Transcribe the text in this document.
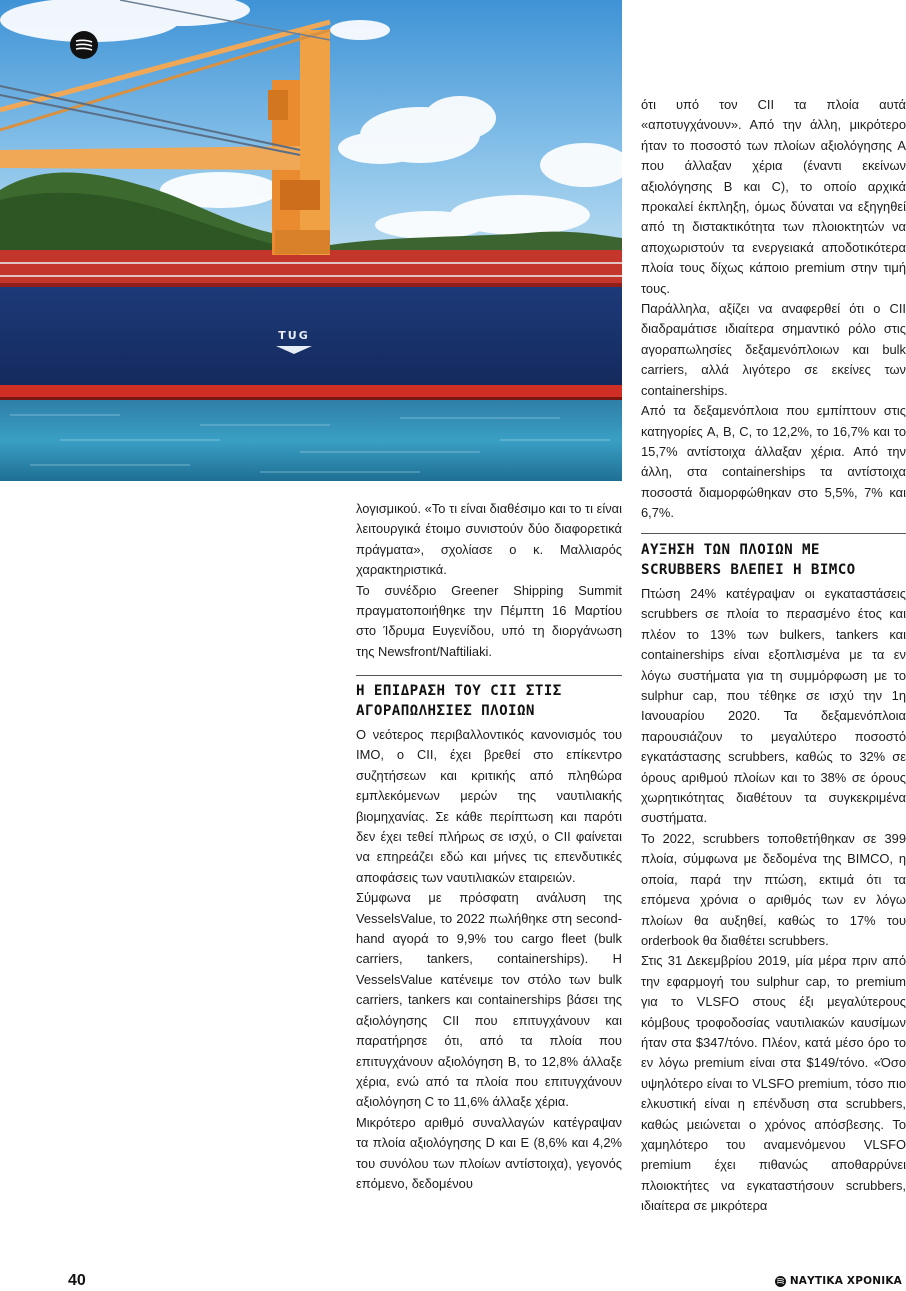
TUG

λογισμικού. «Το τι είναι διαθέσιμο και το τι είναι λειτουργικά έτοιμο συνιστούν δύο διαφορετικά πράγματα», σχολίασε ο κ. Μαλλιαρός χαρακτηριστικά.

Το συνέδριο Greener Shipping Summit πραγματοποιήθηκε την Πέμπτη 16 Μαρτίου στο Ίδρυμα Ευγενίδου, υπό τη διοργάνωση της Newsfront/Naftiliaki.

Η ΕΠΙΔΡΑΣΗ ΤΟΥ CII ΣΤΙΣ ΑΓΟΡΑΠΩΛΗΣΙΕΣ ΠΛΟΙΩΝ

Ο νεότερος περιβαλλοντικός κανονισμός του IMO, ο CII, έχει βρεθεί στο επίκεντρο συζητήσεων και κριτικής από πληθώρα εμπλεκόμενων μερών της ναυτιλιακής βιομηχανίας. Σε κάθε περίπτωση και παρότι δεν έχει τεθεί πλήρως σε ισχύ, ο CII φαίνεται να επηρεάζει εδώ και μήνες τις επενδυτικές αποφάσεις των ναυτιλιακών εταιρειών.

Σύμφωνα με πρόσφατη ανάλυση της VesselsValue, το 2022 πωλήθηκε στη second-hand αγορά το 9,9% του cargo fleet (bulk carriers, tankers, containerships). Η VesselsValue κατένειμε τον στόλο των bulk carriers, tankers και containerships βάσει της αξιολόγησης CII που επιτυγχάνουν και παρατήρησε ότι, από τα πλοία που επιτυγχάνουν αξιολόγηση B, το 12,8% άλλαξε χέρια, ενώ από τα πλοία που επιτυγχάνουν αξιολόγηση C το 11,6% άλλαξε χέρια.

Μικρότερο αριθμό συναλλαγών κατέγραψαν τα πλοία αξιολόγησης D και E (8,6% και 4,2% του συνόλου των πλοίων αντίστοιχα), γεγονός επόμενο, δεδομένου

ότι υπό τον CII τα πλοία αυτά «αποτυγχάνουν». Από την άλλη, μικρότερο ήταν το ποσοστό των πλοίων αξιολόγησης A που άλλαξαν χέρια (έναντι εκείνων αξιολόγησης B και C), το οποίο αρχικά προκαλεί έκπληξη, όμως δύναται να εξηγηθεί από τη διστακτικότητα των πλοιοκτητών να αποχωριστούν τα ενεργειακά αποδοτικότερα πλοία τους δίχως κάποιο premium στην τιμή τους.

Παράλληλα, αξίζει να αναφερθεί ότι ο CII διαδραμάτισε ιδιαίτερα σημαντικό ρόλο στις αγοραπωλησίες δεξαμενόπλοιων και bulk carriers, αλλά λιγότερο σε εκείνες των containerships.

Από τα δεξαμενόπλοια που εμπίπτουν στις κατηγορίες A, B, C, το 12,2%, το 16,7% και το 15,7% αντίστοιχα άλλαξαν χέρια. Από την άλλη, στα containerships τα αντίστοιχα ποσοστά διαμορφώθηκαν στο 5,5%, 7% και 6,7%.

ΑΥΞΗΣΗ ΤΩΝ ΠΛΟΙΩΝ ΜΕ SCRUBBERS ΒΛΕΠΕΙ Η BIMCO

Πτώση 24% κατέγραψαν οι εγκαταστάσεις scrubbers σε πλοία το περασμένο έτος και πλέον το 13% των bulkers, tankers και containerships είναι εξοπλισμένα με τα εν λόγω συστήματα για τη συμμόρφωση με το sulphur cap, που τέθηκε σε ισχύ την 1η Ιανουαρίου 2020. Τα δεξαμενόπλοια παρουσιάζουν το μεγαλύτερο ποσοστό εγκατάστασης scrubbers, καθώς το 32% σε όρους αριθμού πλοίων και το 38% σε όρους χωρητικότητας διαθέτουν τα συγκεκριμένα συστήματα.

Το 2022, scrubbers τοποθετήθηκαν σε 399 πλοία, σύμφωνα με δεδομένα της BIMCO, η οποία, παρά την πτώση, εκτιμά ότι τα επόμενα χρόνια ο αριθμός των εν λόγω πλοίων θα αυξηθεί, καθώς το 17% του orderbook θα διαθέτει scrubbers.

Στις 31 Δεκεμβρίου 2019, μία μέρα πριν από την εφαρμογή του sulphur cap, το premium για το VLSFO στους έξι μεγαλύτερους κόμβους τροφοδοσίας ναυτιλιακών καυσίμων ήταν στα $347/τόνο. Πλέον, κατά μέσο όρο το εν λόγω premium είναι στα $149/τόνο. «Όσο υψηλότερο είναι το VLSFO premium, τόσο πιο ελκυστική είναι η επένδυση στα scrubbers, καθώς μειώνεται ο χρόνος απόσβεσης. Το χαμηλότερο του αναμενόμενου VLSFO premium έχει πιθανώς αποθαρρύνει πλοιοκτήτες να εγκαταστήσουν scrubbers, ιδιαίτερα σε μικρότερα

40	ΝΑΥΤΙΚΑ ΧΡΟΝΙΚΑ
